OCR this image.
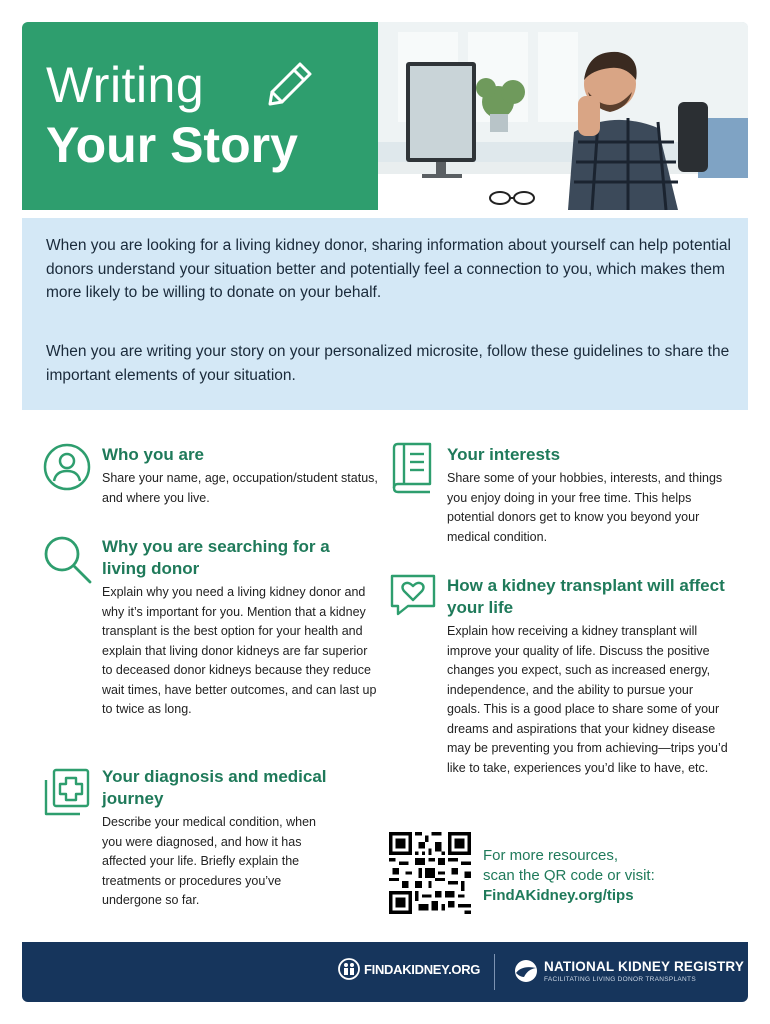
Writing
Your Story

When you are looking for a living kidney donor, sharing information about yourself can help potential donors understand your situation better and potentially feel a connection to you, which makes them more likely to be willing to donate on your behalf.

When you are writing your story on your personalized microsite, follow these guidelines to share the important elements of your situation.

Who you are
Share your name, age, occupation/student status, and where you live.
Why you are searching for a living donor
Explain why you need a living kidney donor and why it’s important for you. Mention that a kidney transplant is the best option for your health and explain that living donor kidneys are far superior to deceased donor kidneys because they reduce wait times, have better outcomes, and can last up to twice as long.
Your diagnosis and medical journey
Describe your medical condition, when you were diagnosed, and how it has affected your life. Briefly explain the treatments or procedures you’ve undergone so far.
Your interests
Share some of your hobbies, interests, and things you enjoy doing in your free time. This helps potential donors get to know you beyond your medical condition.
How a kidney transplant will affect your life
Explain how receiving a kidney transplant will improve your quality of life. Discuss the positive changes you expect, such as increased energy, independence, and the ability to pursue your goals. This is a good place to share some of your dreams and aspirations that your kidney disease may be preventing you from achieving—trips you’d like to take, experiences you’d like to have, etc.
For more resources,
scan the QR code or visit:
FindAKidney.org/tips
FINDAKIDNEY.ORG	NATIONAL KIDNEY REGISTRY
FACILITATING LIVING DONOR TRANSPLANTS
